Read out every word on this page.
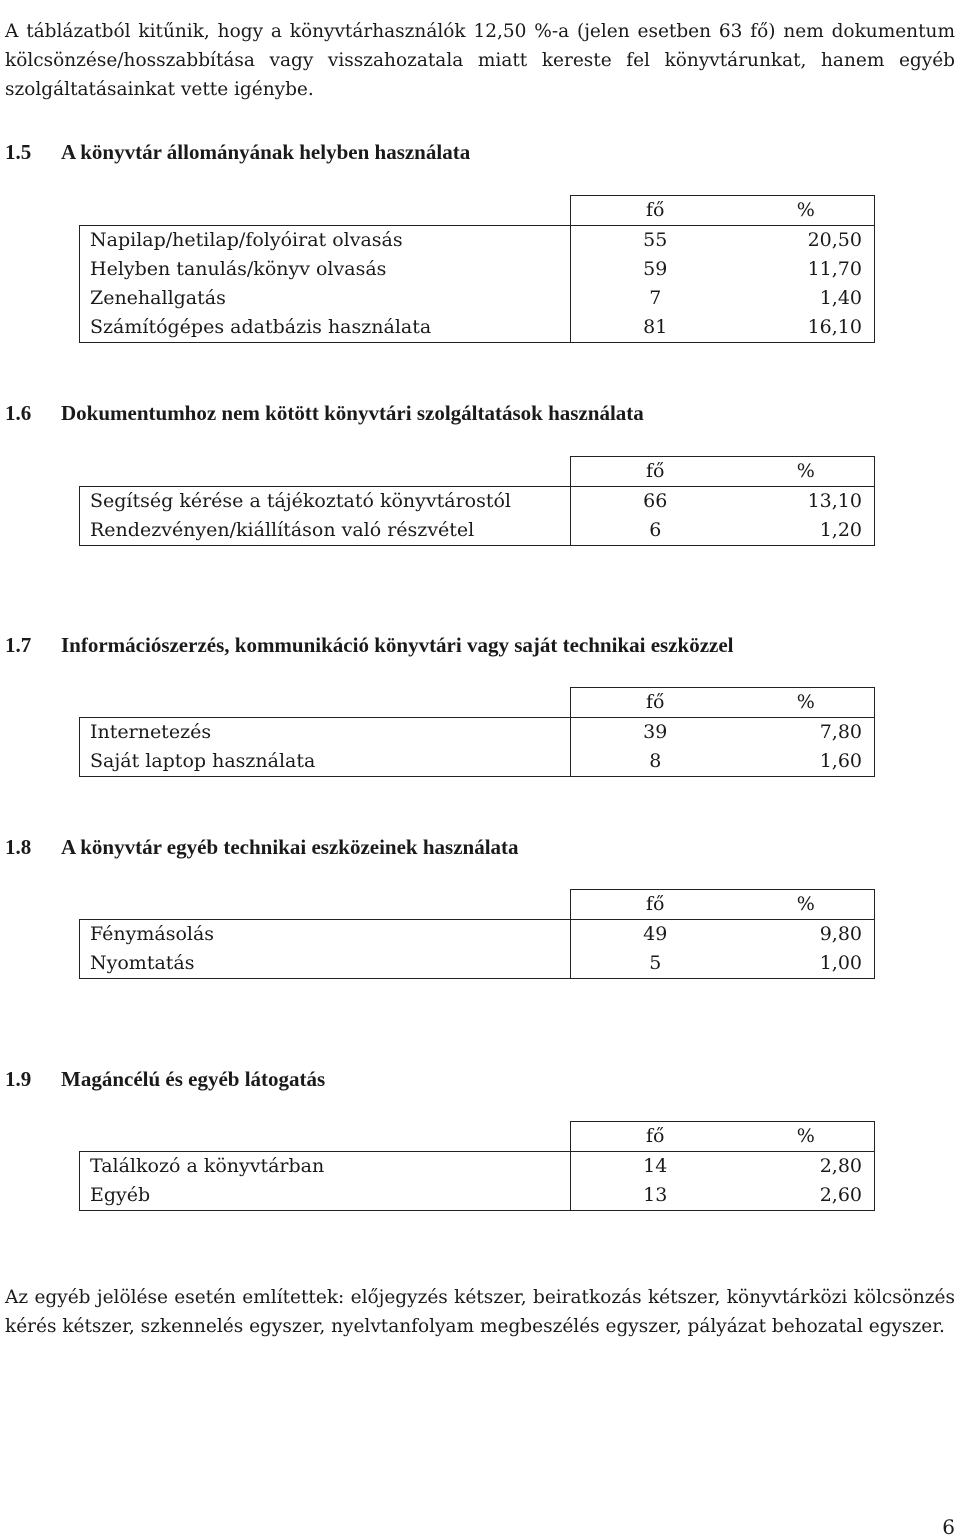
A táblázatból kitűnik, hogy a könyvtárhasználók 12,50 %-a (jelen esetben 63 fő) nem dokumentum kölcsönzése/hosszabbítása vagy visszahozatala miatt kereste fel könyvtárunkat, hanem egyéb szolgáltatásainkat vette igénybe.

1.5 A könyvtár állományának helyben használata
	fő	%
Napilap/hetilap/folyóirat olvasás	55	20,50
Helyben tanulás/könyv olvasás	59	11,70
Zenehallgatás	7	1,40
Számítógépes adatbázis használata	81	16,10
1.6 Dokumentumhoz nem kötött könyvtári szolgáltatások használata
	fő	%
Segítség kérése a tájékoztató könyvtárostól	66	13,10
Rendezvényen/kiállításon való részvétel	6	1,20
1.7 Információszerzés, kommunikáció könyvtári vagy saját technikai eszközzel
	fő	%
Internetezés	39	7,80
Saját laptop használata	8	1,60
1.8 A könyvtár egyéb technikai eszközeinek használata
	fő	%
Fénymásolás	49	9,80
Nyomtatás	5	1,00
1.9 Magáncélú és egyéb látogatás
	fő	%
Találkozó a könyvtárban	14	2,80
Egyéb	13	2,60

Az egyéb jelölése esetén említettek: előjegyzés kétszer, beiratkozás kétszer, könyvtárközi kölcsönzés kérés kétszer, szkennelés egyszer, nyelvtanfolyam megbeszélés egyszer, pályázat behozatal egyszer.

6
